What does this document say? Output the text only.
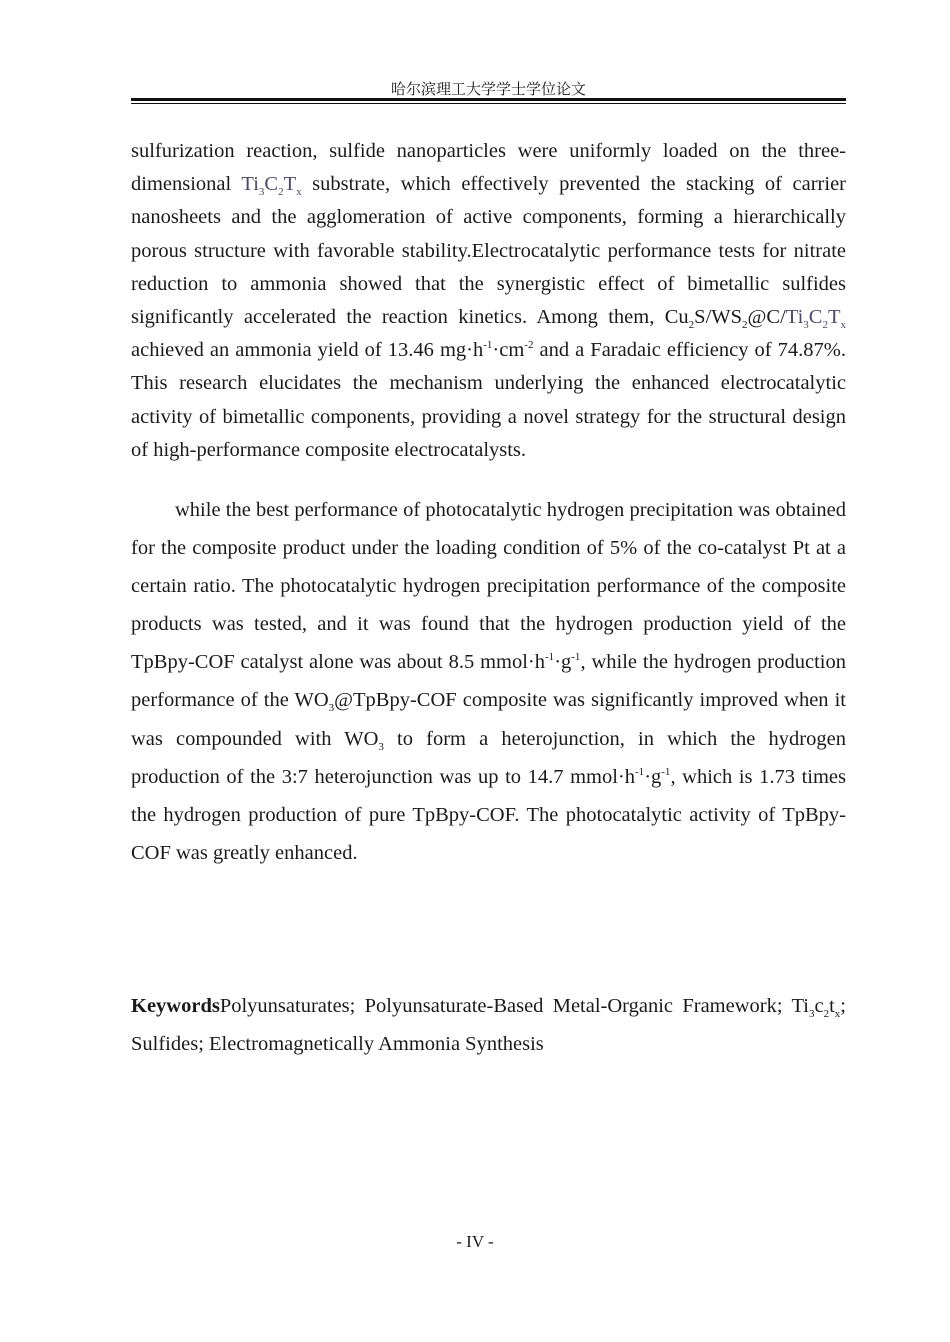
哈尔滨理工大学学士学位论文

sulfurization reaction, sulfide nanoparticles were uniformly loaded on the three-dimensional $Ti_3C_2T_x$ substrate, which effectively prevented the stacking of carrier nanosheets and the agglomeration of active components, forming a hierarchically porous structure with favorable stability.Electrocatalytic performance tests for nitrate reduction to ammonia showed that the synergistic effect of bimetallic sulfides significantly accelerated the reaction kinetics. Among them, $Cu_2S/WS_2@C/Ti_3C_2T_x$ achieved an ammonia yield of 13.46 $mg\cdot h^{-1}\cdot cm^{-2}$ and a Faradaic efficiency of 74.87%. This research elucidates the mechanism underlying the enhanced electrocatalytic activity of bimetallic components, providing a novel strategy for the structural design of high-performance composite electrocatalysts.

while the best performance of photocatalytic hydrogen precipitation was obtained for the composite product under the loading condition of 5% of the co-catalyst Pt at a certain ratio. The photocatalytic hydrogen precipitation performance of the composite products was tested, and it was found that the hydrogen production yield of the TpBpy-COF catalyst alone was about 8.5 $mmol\cdot h^{-1}\cdot g^{-1}$, while the hydrogen production performance of the $WO_3@TpBpy$-COF composite was significantly improved when it was compounded with $WO_3$ to form a heterojunction, in which the hydrogen production of the 3:7 heterojunction was up to 14.7 $mmol\cdot h^{-1}\cdot g^{-1}$, which is 1.73 times the hydrogen production of pure TpBpy-COF. The photocatalytic activity of TpBpy-COF was greatly enhanced.

KeywordsPolyunsaturates; Polyunsaturate-Based Metal-Organic Framework; $Ti_3c_2t_x$; Sulfides; Electromagnetically Ammonia Synthesis

- IV -
